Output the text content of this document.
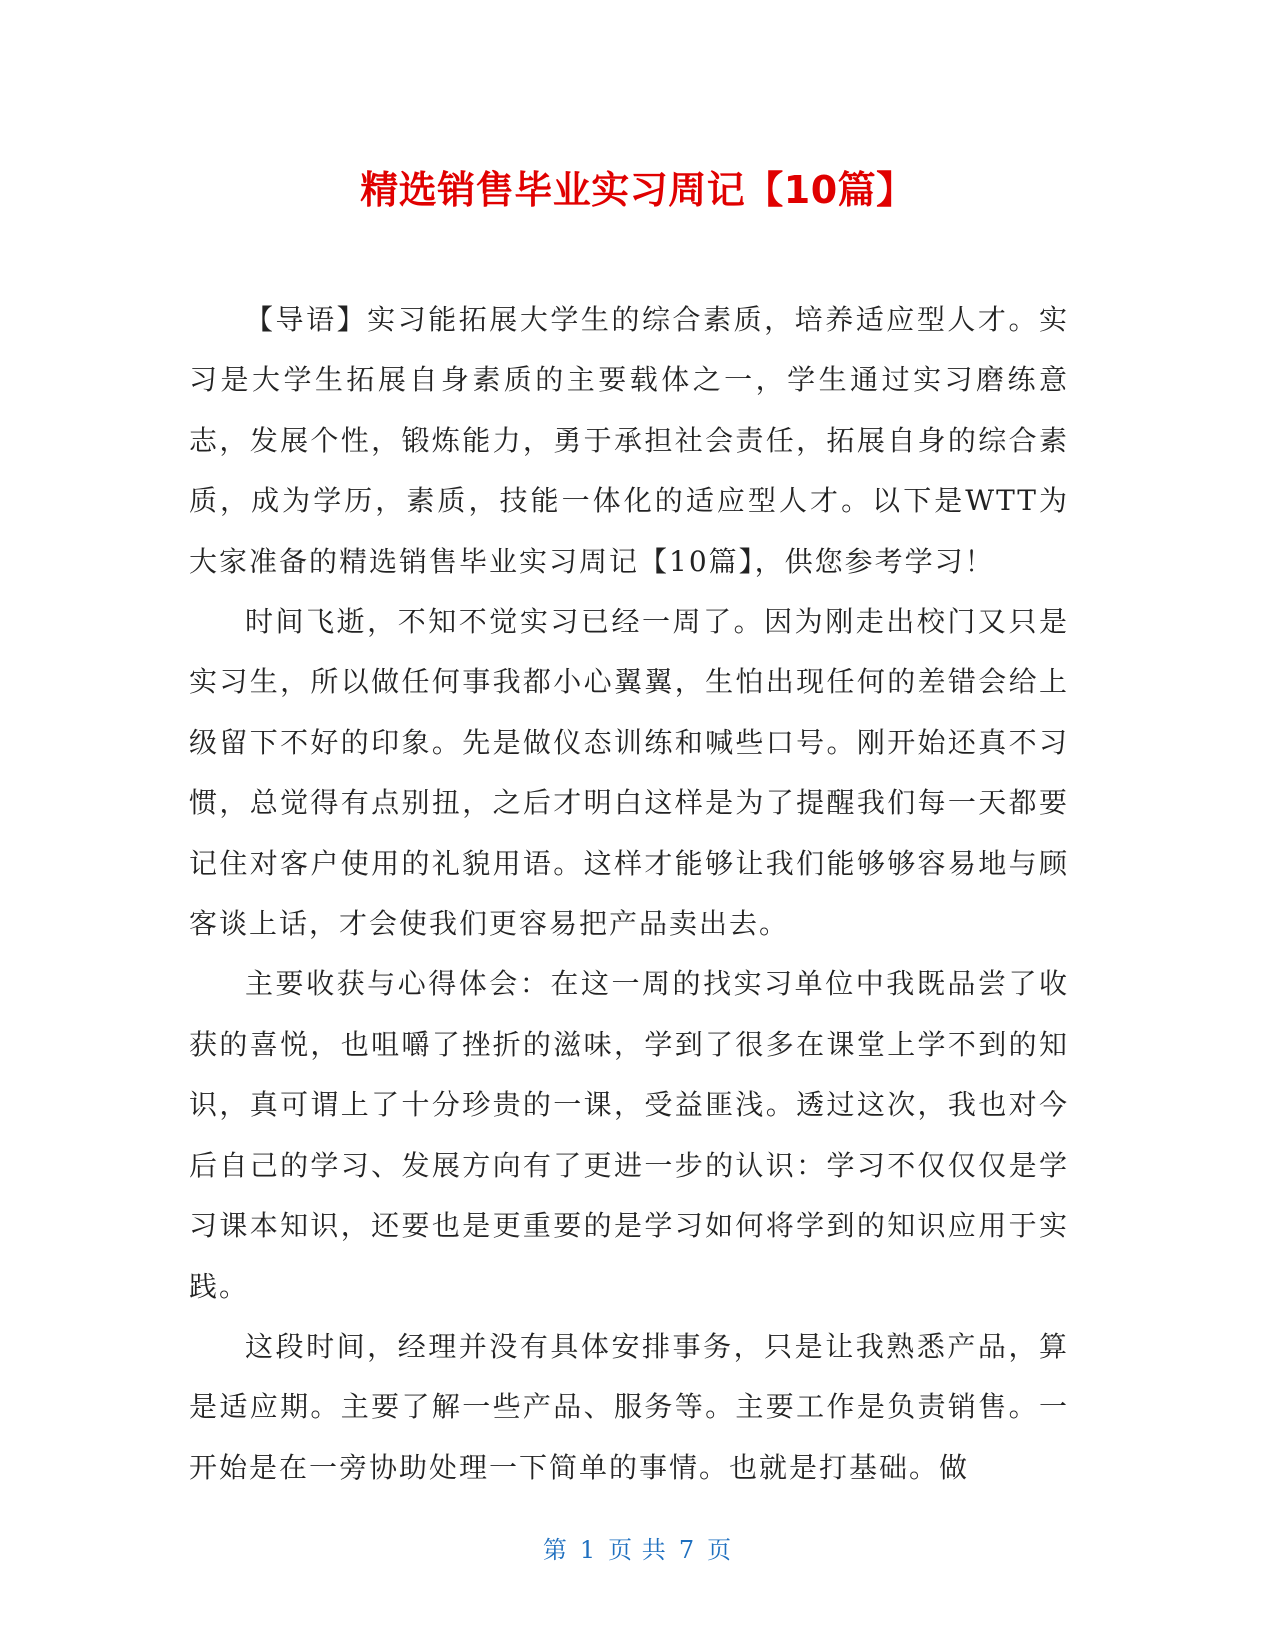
精选销售毕业实习周记【10篇】

【导语】实习能拓展大学生的综合素质，培养适应型人才。实习是大学生拓展自身素质的主要载体之一，学生通过实习磨练意志，发展个性，锻炼能力，勇于承担社会责任，拓展自身的综合素质，成为学历，素质，技能一体化的适应型人才。以下是WTT为大家准备的精选销售毕业实习周记【10篇】，供您参考学习！

时间飞逝，不知不觉实习已经一周了。因为刚走出校门又只是实习生，所以做任何事我都小心翼翼，生怕出现任何的差错会给上级留下不好的印象。先是做仪态训练和喊些口号。刚开始还真不习惯，总觉得有点别扭，之后才明白这样是为了提醒我们每一天都要记住对客户使用的礼貌用语。这样才能够让我们能够够容易地与顾客谈上话，才会使我们更容易把产品卖出去。

主要收获与心得体会：在这一周的找实习单位中我既品尝了收获的喜悦，也咀嚼了挫折的滋味，学到了很多在课堂上学不到的知识，真可谓上了十分珍贵的一课，受益匪浅。透过这次，我也对今后自己的学习、发展方向有了更进一步的认识：学习不仅仅仅是学习课本知识，还要也是更重要的是学习如何将学到的知识应用于实践。

这段时间，经理并没有具体安排事务，只是让我熟悉产品，算是适应期。主要了解一些产品、服务等。主要工作是负责销售。一开始是在一旁协助处理一下简单的事情。也就是打基础。做

第 1 页 共 7 页
